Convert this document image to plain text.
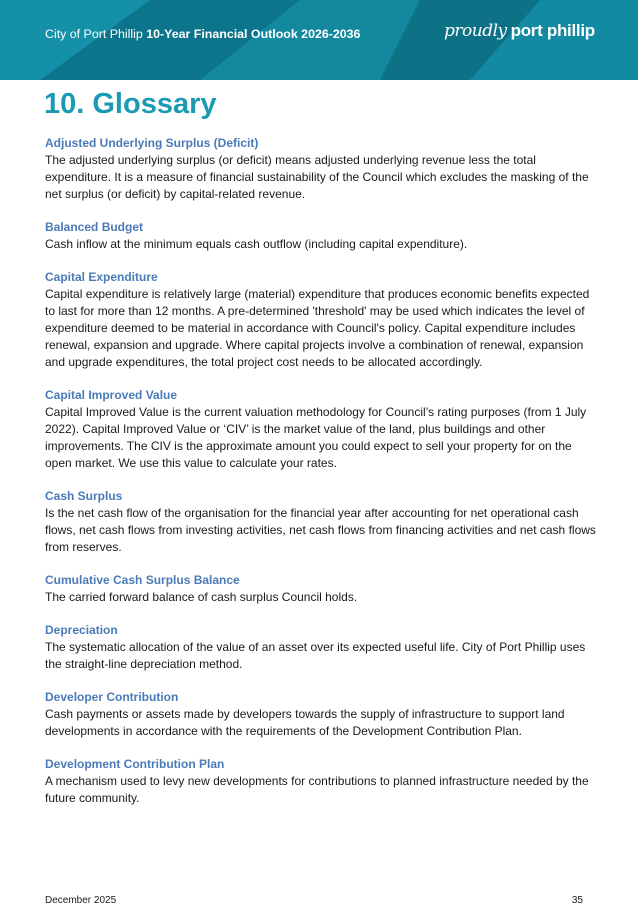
City of Port Phillip 10-Year Financial Outlook 2026-2036	proudly port phillip
10. Glossary

Adjusted Underlying Surplus (Deficit)

The adjusted underlying surplus (or deficit) means adjusted underlying revenue less the total expenditure. It is a measure of financial sustainability of the Council which excludes the masking of the net surplus (or deficit) by capital-related revenue.

Balanced Budget

Cash inflow at the minimum equals cash outflow (including capital expenditure).

Capital Expenditure

Capital expenditure is relatively large (material) expenditure that produces economic benefits expected to last for more than 12 months. A pre-determined 'threshold' may be used which indicates the level of expenditure deemed to be material in accordance with Council's policy. Capital expenditure includes renewal, expansion and upgrade. Where capital projects involve a combination of renewal, expansion and upgrade expenditures, the total project cost needs to be allocated accordingly.

Capital Improved Value

Capital Improved Value is the current valuation methodology for Council’s rating purposes (from 1 July 2022). Capital Improved Value or ‘CIV’ is the market value of the land, plus buildings and other improvements. The CIV is the approximate amount you could expect to sell your property for on the open market. We use this value to calculate your rates.

Cash Surplus

Is the net cash flow of the organisation for the financial year after accounting for net operational cash flows, net cash flows from investing activities, net cash flows from financing activities and net cash flows from reserves.

Cumulative Cash Surplus Balance

The carried forward balance of cash surplus Council holds.

Depreciation

The systematic allocation of the value of an asset over its expected useful life. City of Port Phillip uses the straight-line depreciation method.

Developer Contribution

Cash payments or assets made by developers towards the supply of infrastructure to support land developments in accordance with the requirements of the Development Contribution Plan.

Development Contribution Plan

A mechanism used to levy new developments for contributions to planned infrastructure needed by the future community.

December 2025	35
